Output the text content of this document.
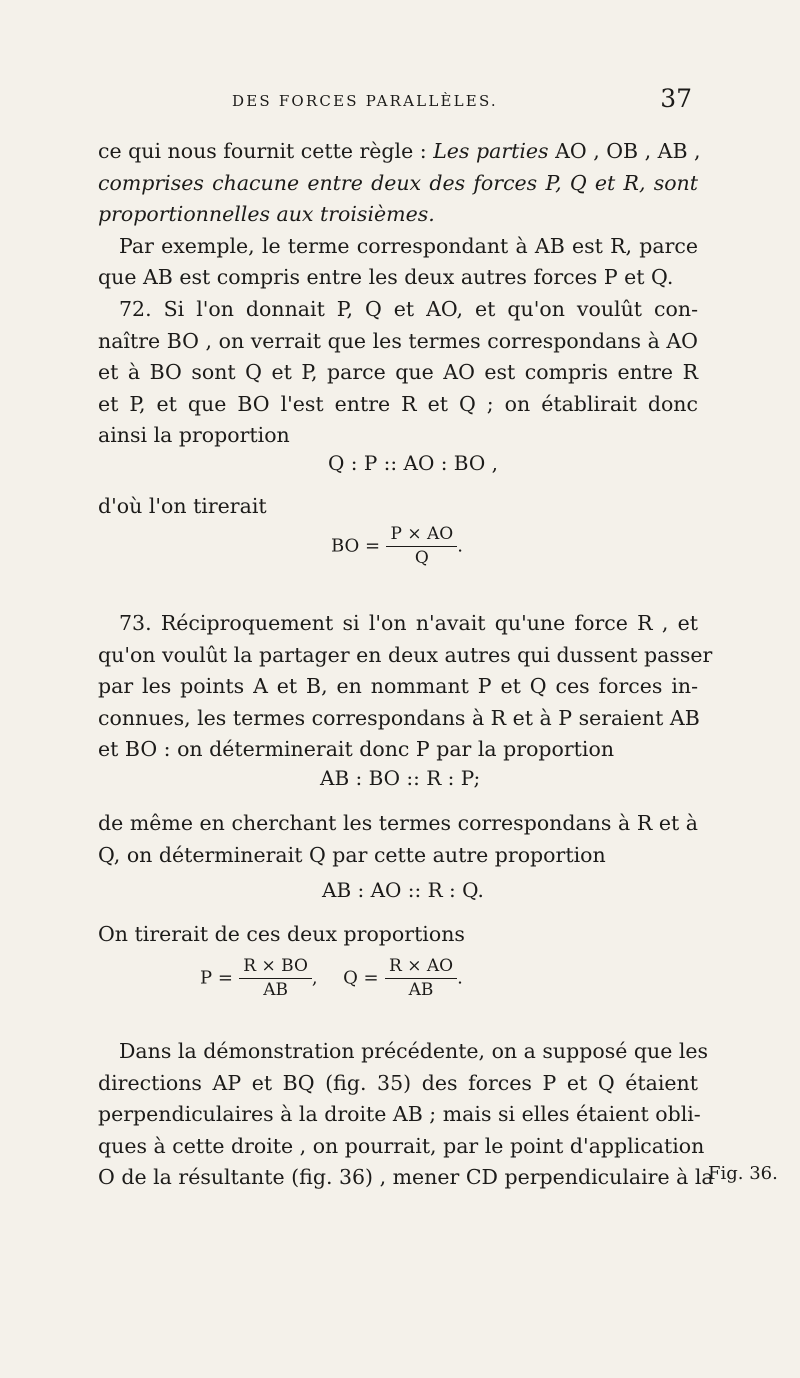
DES FORCES PARALLÈLES.	37
ce qui nous fournit cette règle : Les parties AO , OB , AB ,
comprises chacune entre deux des forces P, Q et R, sont
proportionnelles aux troisièmes.
Par exemple, le terme correspondant à AB est R, parce
que AB est compris entre les deux autres forces P et Q.
72. Si l'on donnait P, Q et AO, et qu'on voulût con-
naître BO , on verrait que les termes correspondans à AO
et à BO sont Q et P, parce que AO est compris entre R
et P, et que BO l'est entre R et Q ; on établirait donc
ainsi la proportion
Q : P :: AO : BO ,
d'où l'on tirerait
BO = $\frac{P \times AO}{Q}$ .
73. Réciproquement si l'on n'avait qu'une force R , et
qu'on voulût la partager en deux autres qui dussent passer
par les points A et B, en nommant P et Q ces forces in-
connues, les termes correspondans à R et à P seraient AB
et BO : on déterminerait donc P par la proportion
AB : BO :: R : P;
de même en cherchant les termes correspondans à R et à
Q, on déterminerait Q par cette autre proportion
AB : AO :: R : Q.
On tirerait de ces deux proportions
$P = \frac{R \times BO}{AB}$ , $Q = \frac{R \times AO}{AB}$ .
Dans la démonstration précédente, on a supposé que les
directions AP et BQ (fig. 35) des forces P et Q étaient
perpendiculaires à la droite AB ; mais si elles étaient obli-
ques à cette droite , on pourrait, par le point d'application
O de la résultante (fig. 36) , mener CD perpendiculaire à la
Fig. 36.
